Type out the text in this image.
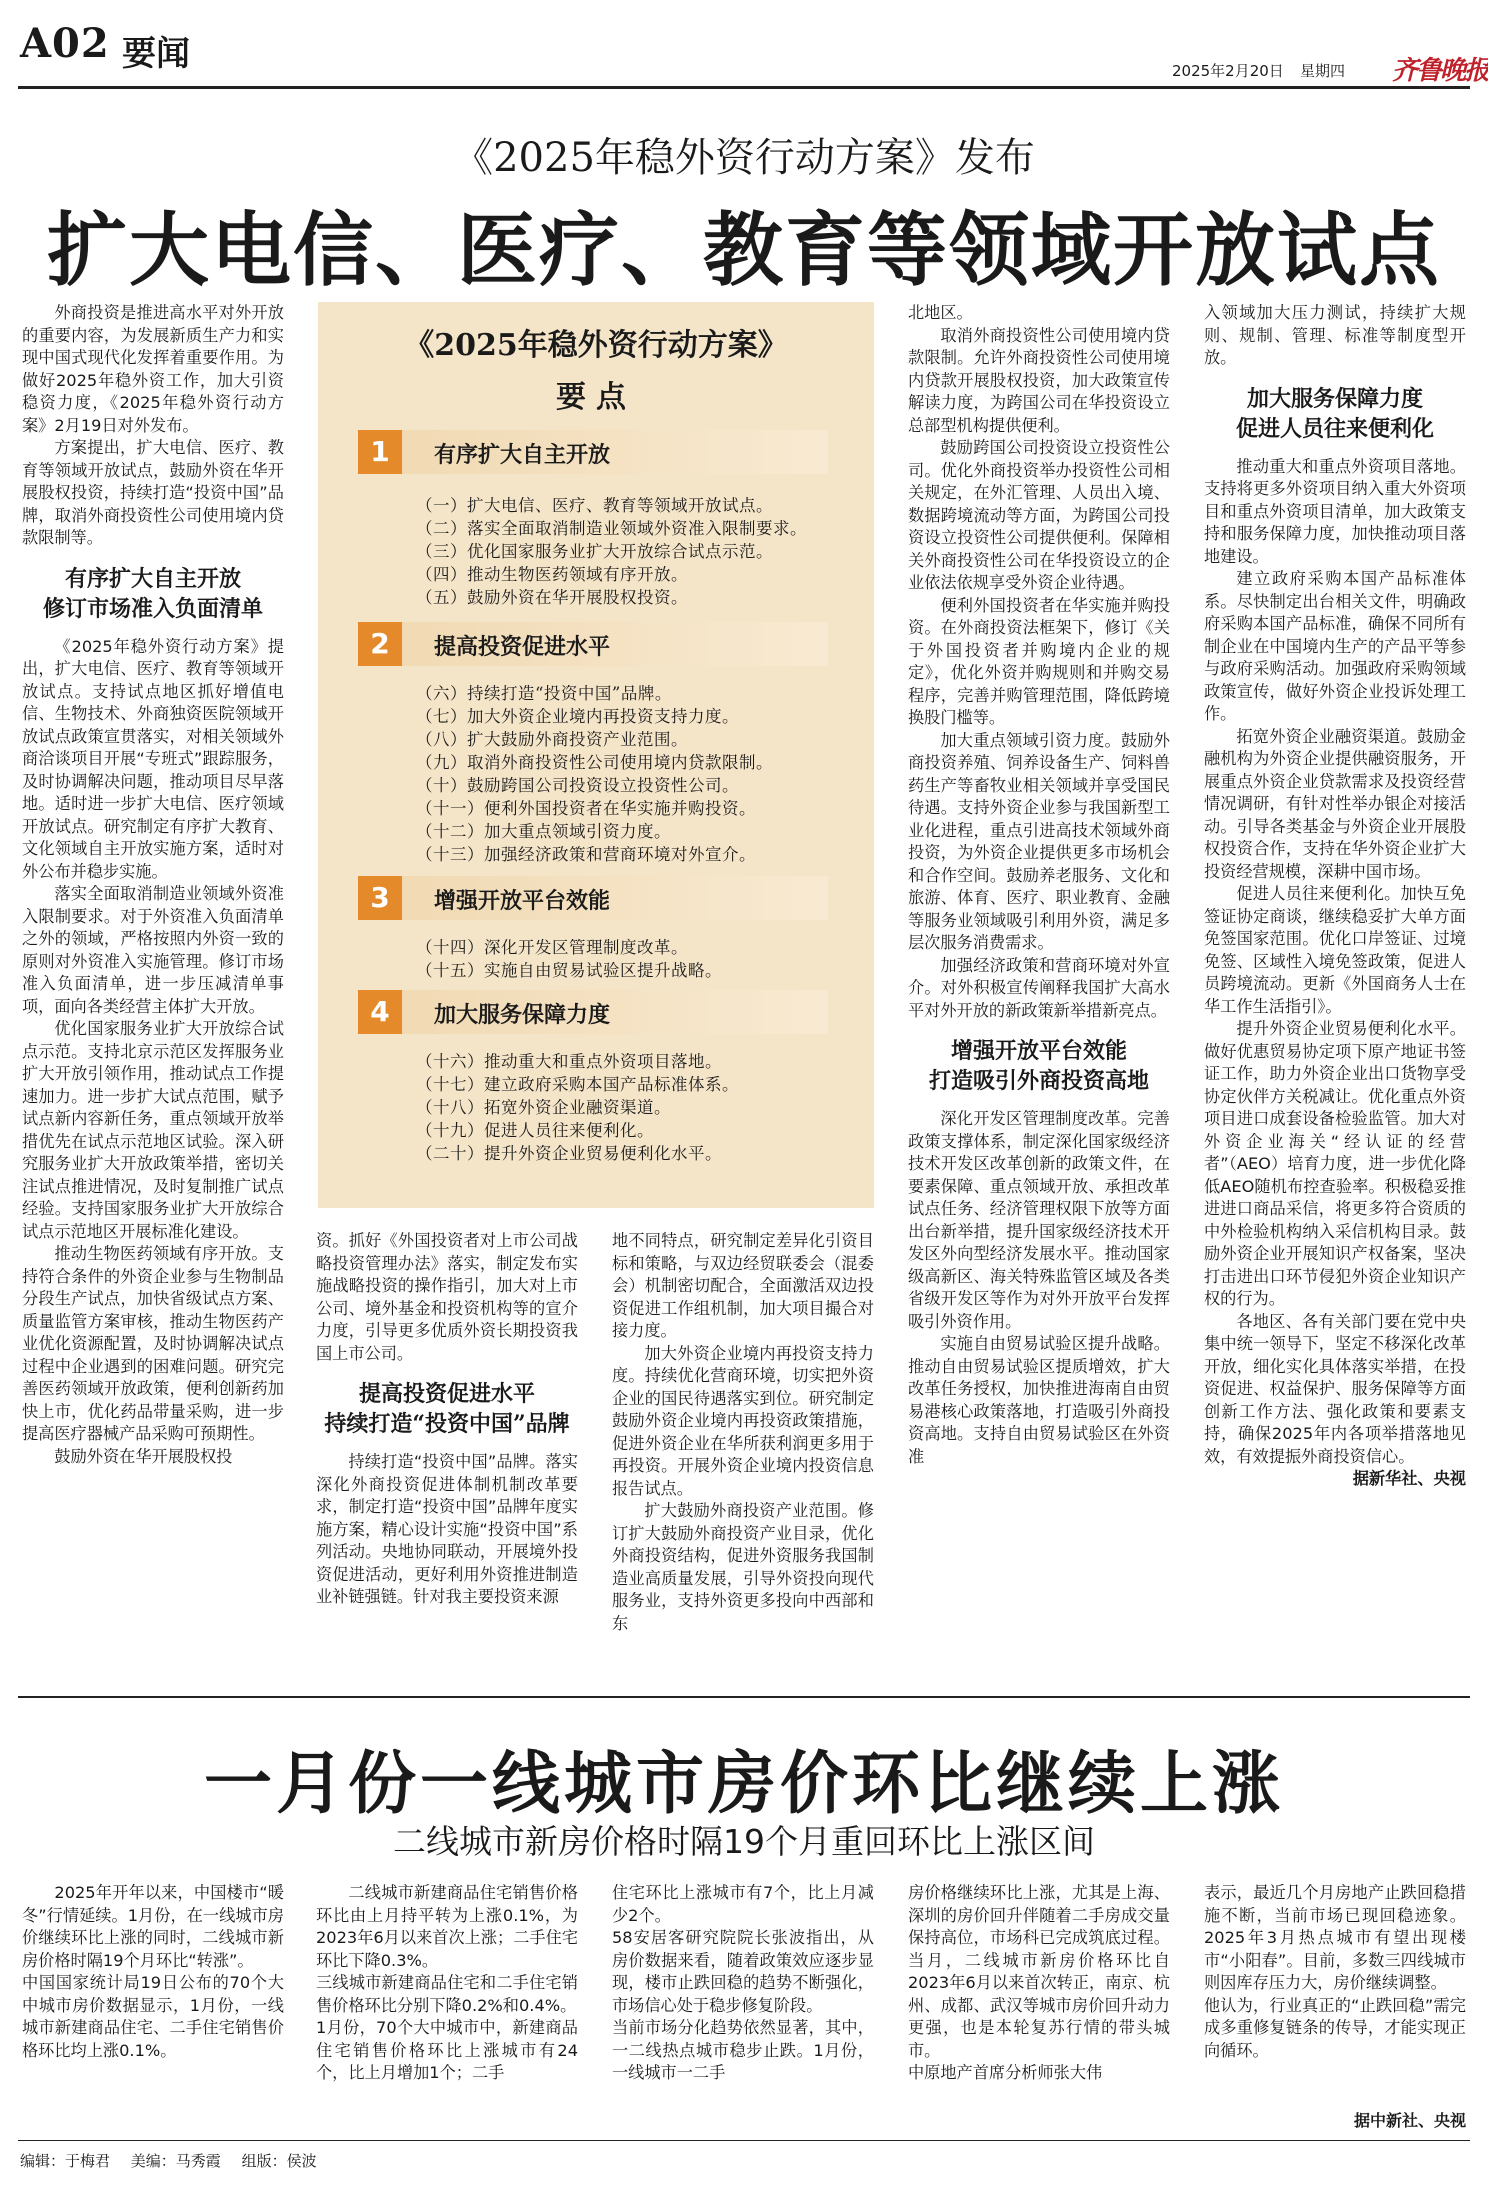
A02 要闻	2025年2月20日 星期四 齐鲁晚报
《2025年稳外资行动方案》发布
扩大电信、医疗、教育等领域开放试点

外商投资是推进高水平对外开放的重要内容，为发展新质生产力和实现中国式现代化发挥着重要作用。为做好2025年稳外资工作，加大引资稳资力度，《2025年稳外资行动方案》2月19日对外发布。

方案提出，扩大电信、医疗、教育等领域开放试点，鼓励外资在华开展股权投资，持续打造“投资中国”品牌，取消外商投资性公司使用境内贷款限制等。

有序扩大自主开放
修订市场准入负面清单

《2025年稳外资行动方案》提出，扩大电信、医疗、教育等领域开放试点。支持试点地区抓好增值电信、生物技术、外商独资医院领域开放试点政策宣贯落实，对相关领域外商洽谈项目开展“专班式”跟踪服务，及时协调解决问题，推动项目尽早落地。适时进一步扩大电信、医疗领域开放试点。研究制定有序扩大教育、文化领域自主开放实施方案，适时对外公布并稳步实施。

落实全面取消制造业领域外资准入限制要求。对于外资准入负面清单之外的领域，严格按照内外资一致的原则对外资准入实施管理。修订市场准入负面清单，进一步压减清单事项，面向各类经营主体扩大开放。

优化国家服务业扩大开放综合试点示范。支持北京示范区发挥服务业扩大开放引领作用，推动试点工作提速加力。进一步扩大试点范围，赋予试点新内容新任务，重点领域开放举措优先在试点示范地区试验。深入研究服务业扩大开放政策举措，密切关注试点推进情况，及时复制推广试点经验。支持国家服务业扩大开放综合试点示范地区开展标准化建设。

推动生物医药领域有序开放。支持符合条件的外资企业参与生物制品分段生产试点，加快省级试点方案、质量监管方案审核，推动生物医药产业优化资源配置，及时协调解决试点过程中企业遇到的困难问题。研究完善医药领域开放政策，便利创新药加快上市，优化药品带量采购，进一步提高医疗器械产品采购可预期性。

鼓励外资在华开展股权投

《2025年稳外资行动方案》
要点
1	有序扩大自主开放
（一）扩大电信、医疗、教育等领域开放试点。
（二）落实全面取消制造业领域外资准入限制要求。
（三）优化国家服务业扩大开放综合试点示范。
（四）推动生物医药领域有序开放。
（五）鼓励外资在华开展股权投资。
2	提高投资促进水平
（六）持续打造“投资中国”品牌。
（七）加大外资企业境内再投资支持力度。
（八）扩大鼓励外商投资产业范围。
（九）取消外商投资性公司使用境内贷款限制。
（十）鼓励跨国公司投资设立投资性公司。
（十一）便利外国投资者在华实施并购投资。
（十二）加大重点领域引资力度。
（十三）加强经济政策和营商环境对外宣介。
3	增强开放平台效能
（十四）深化开发区管理制度改革。
（十五）实施自由贸易试验区提升战略。
4	加大服务保障力度
（十六）推动重大和重点外资项目落地。
（十七）建立政府采购本国产品标准体系。
（十八）拓宽外资企业融资渠道。
（十九）促进人员往来便利化。
（二十）提升外资企业贸易便利化水平。

资。抓好《外国投资者对上市公司战略投资管理办法》落实，制定发布实施战略投资的操作指引，加大对上市公司、境外基金和投资机构等的宣介力度，引导更多优质外资长期投资我国上市公司。

提高投资促进水平
持续打造“投资中国”品牌

持续打造“投资中国”品牌。落实深化外商投资促进体制机制改革要求，制定打造“投资中国”品牌年度实施方案，精心设计实施“投资中国”系列活动。央地协同联动，开展境外投资促进活动，更好利用外资推进制造业补链强链。针对我主要投资来源

地不同特点，研究制定差异化引资目标和策略，与双边经贸联委会（混委会）机制密切配合，全面激活双边投资促进工作组机制，加大项目撮合对接力度。

加大外资企业境内再投资支持力度。持续优化营商环境，切实把外资企业的国民待遇落实到位。研究制定鼓励外资企业境内再投资政策措施，促进外资企业在华所获利润更多用于再投资。开展外资企业境内投资信息报告试点。

扩大鼓励外商投资产业范围。修订扩大鼓励外商投资产业目录，优化外商投资结构，促进外资服务我国制造业高质量发展，引导外资投向现代服务业，支持外资更多投向中西部和东

北地区。

取消外商投资性公司使用境内贷款限制。允许外商投资性公司使用境内贷款开展股权投资，加大政策宣传解读力度，为跨国公司在华投资设立总部型机构提供便利。

鼓励跨国公司投资设立投资性公司。优化外商投资举办投资性公司相关规定，在外汇管理、人员出入境、数据跨境流动等方面，为跨国公司投资设立投资性公司提供便利。保障相关外商投资性公司在华投资设立的企业依法依规享受外资企业待遇。

便利外国投资者在华实施并购投资。在外商投资法框架下，修订《关于外国投资者并购境内企业的规定》，优化外资并购规则和并购交易程序，完善并购管理范围，降低跨境换股门槛等。

加大重点领域引资力度。鼓励外商投资养殖、饲养设备生产、饲料兽药生产等畜牧业相关领域并享受国民待遇。支持外资企业参与我国新型工业化进程，重点引进高技术领域外商投资，为外资企业提供更多市场机会和合作空间。鼓励养老服务、文化和旅游、体育、医疗、职业教育、金融等服务业领域吸引利用外资，满足多层次服务消费需求。

加强经济政策和营商环境对外宣介。对外积极宣传阐释我国扩大高水平对外开放的新政策新举措新亮点。

增强开放平台效能
打造吸引外商投资高地

深化开发区管理制度改革。完善政策支撑体系，制定深化国家级经济技术开发区改革创新的政策文件，在要素保障、重点领域开放、承担改革试点任务、经济管理权限下放等方面出台新举措，提升国家级经济技术开发区外向型经济发展水平。推动国家级高新区、海关特殊监管区域及各类省级开发区等作为对外开放平台发挥吸引外资作用。

实施自由贸易试验区提升战略。推动自由贸易试验区提质增效，扩大改革任务授权，加快推进海南自由贸易港核心政策落地，打造吸引外商投资高地。支持自由贸易试验区在外资准

入领域加大压力测试，持续扩大规则、规制、管理、标准等制度型开放。

加大服务保障力度
促进人员往来便利化

推动重大和重点外资项目落地。支持将更多外资项目纳入重大外资项目和重点外资项目清单，加大政策支持和服务保障力度，加快推动项目落地建设。

建立政府采购本国产品标准体系。尽快制定出台相关文件，明确政府采购本国产品标准，确保不同所有制企业在中国境内生产的产品平等参与政府采购活动。加强政府采购领域政策宣传，做好外资企业投诉处理工作。

拓宽外资企业融资渠道。鼓励金融机构为外资企业提供融资服务，开展重点外资企业贷款需求及投资经营情况调研，有针对性举办银企对接活动。引导各类基金与外资企业开展股权投资合作，支持在华外资企业扩大投资经营规模，深耕中国市场。

促进人员往来便利化。加快互免签证协定商谈，继续稳妥扩大单方面免签国家范围。优化口岸签证、过境免签、区域性入境免签政策，促进人员跨境流动。更新《外国商务人士在华工作生活指引》。

提升外资企业贸易便利化水平。做好优惠贸易协定项下原产地证书签证工作，助力外资企业出口货物享受协定伙伴方关税减让。优化重点外资项目进口成套设备检验监管。加大对外资企业海关“经认证的经营者”（AEO）培育力度，进一步优化降低AEO随机布控查验率。积极稳妥推进进口商品采信，将更多符合资质的中外检验机构纳入采信机构目录。鼓励外资企业开展知识产权备案，坚决打击进出口环节侵犯外资企业知识产权的行为。

各地区、各有关部门要在党中央集中统一领导下，坚定不移深化改革开放，细化实化具体落实举措，在投资促进、权益保护、服务保障等方面创新工作方法、强化政策和要素支持，确保2025年内各项举措落地见效，有效提振外商投资信心。

据新华社、央视
一月份一线城市房价环比继续上涨
二线城市新房价格时隔19个月重回环比上涨区间
2025年开年以来，中国楼市“暖冬”行情延续。1月份，在一线城市房价继续环比上涨的同时，二线城市新房价格时隔19个月环比“转涨”。
中国国家统计局19日公布的70个大中城市房价数据显示，1月份，一线城市新建商品住宅、二手住宅销售价格环比均上涨0.1%。
二线城市新建商品住宅销售价格环比由上月持平转为上涨0.1%，为2023年6月以来首次上涨；二手住宅环比下降0.3%。
三线城市新建商品住宅和二手住宅销售价格环比分别下降0.2%和0.4%。
1月份，70个大中城市中，新建商品住宅销售价格环比上涨城市有24个，比上月增加1个；二手
住宅环比上涨城市有7个，比上月减少2个。
58安居客研究院院长张波指出，从房价数据来看，随着政策效应逐步显现，楼市止跌回稳的趋势不断强化，市场信心处于稳步修复阶段。
当前市场分化趋势依然显著，其中，一二线热点城市稳步止跌。1月份，一线城市一二手
房价格继续环比上涨，尤其是上海、深圳的房价回升伴随着二手房成交量保持高位，市场科已完成筑底过程。当月，二线城市新房价格环比自2023年6月以来首次转正，南京、杭州、成都、武汉等城市房价回升动力更强，也是本轮复苏行情的带头城市。
中原地产首席分析师张大伟
表示，最近几个月房地产止跌回稳措施不断，当前市场已现回稳迹象。2025年3月热点城市有望出现楼市“小阳春”。目前，多数三四线城市则因库存压力大，房价继续调整。
他认为，行业真正的“止跌回稳”需完成多重修复链条的传导，才能实现正向循环。
据中新社、央视
编辑：于梅君 美编：马秀霞 组版：侯波
